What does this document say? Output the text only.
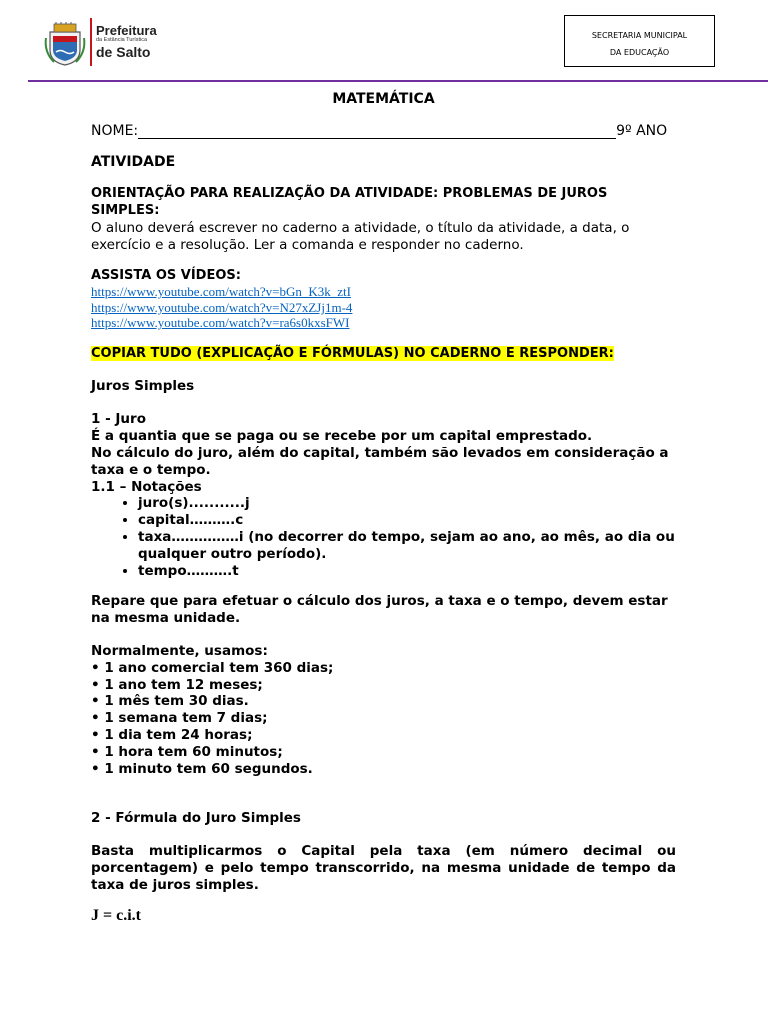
Prefeitura
da Estância Turística
de Salto
SECRETARIA MUNICIPAL
DA EDUCAÇÃO

MATEMÁTICA

NOME:	9º ANO

ATIVIDADE

ORIENTAÇÃO PARA REALIZAÇÃO DA ATIVIDADE: PROBLEMAS DE JUROS SIMPLES:

O aluno deverá escrever no caderno a atividade, o título da atividade, a data, o exercício e a resolução. Ler a comanda e responder no caderno.

ASSISTA OS VÍDEOS:

https://www.youtube.com/watch?v=bGn_K3k_ztI
https://www.youtube.com/watch?v=N27xZJj1m-4
https://www.youtube.com/watch?v=ra6s0kxsFWI

COPIAR TUDO (EXPLICAÇÃO E FÓRMULAS) NO CADERNO E RESPONDER:

Juros Simples

1 - Juro

É a quantia que se paga ou se recebe por um capital emprestado.

No cálculo do juro, além do capital, também são levados em consideração a taxa e o tempo.

1.1 – Notações

• juro(s)...........j
• capital……….c
• taxa……………i (no decorrer do tempo, sejam ao ano, ao mês, ao dia ou qualquer outro período).
• tempo……….t

Repare que para efetuar o cálculo dos juros, a taxa e o tempo, devem estar na mesma unidade.

Normalmente, usamos:

• 1 ano comercial tem 360 dias;

• 1 ano tem 12 meses;

• 1 mês tem 30 dias.

• 1 semana tem 7 dias;

• 1 dia tem 24 horas;

• 1 hora tem 60 minutos;

• 1 minuto tem 60 segundos.

2 - Fórmula do Juro Simples

Basta multiplicarmos o Capital pela taxa (em número decimal ou porcentagem) e pelo tempo transcorrido, na mesma unidade de tempo da taxa de juros simples.

J = c.i.t
